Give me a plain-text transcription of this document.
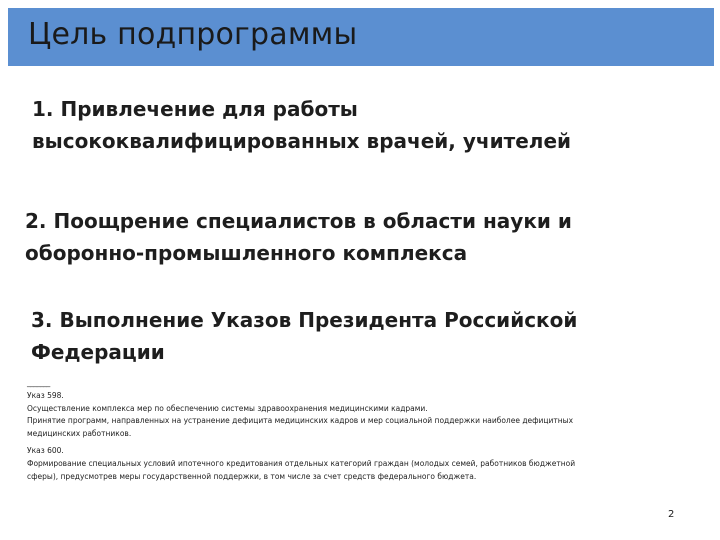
Цель подпрограммы
1. Привлечение для работы
высококвалифицированных врачей, учителей
2. Поощрение специалистов в области науки и
оборонно-промышленного комплекса
3. Выполнение Указов Президента Российской
Федерации
_______
Указ 598.
Осуществление комплекса мер по обеспечению системы здравоохранения медицинскими кадрами.
Принятие программ, направленных на устранение дефицита медицинских кадров и мер социальной поддержки наиболее дефицитных
медицинских работников.
Указ 600.
Формирование специальных условий ипотечного кредитования отдельных категорий граждан (молодых семей, работников бюджетной
сферы), предусмотрев меры государственной поддержки, в том числе за счет средств федерального бюджета.
2
